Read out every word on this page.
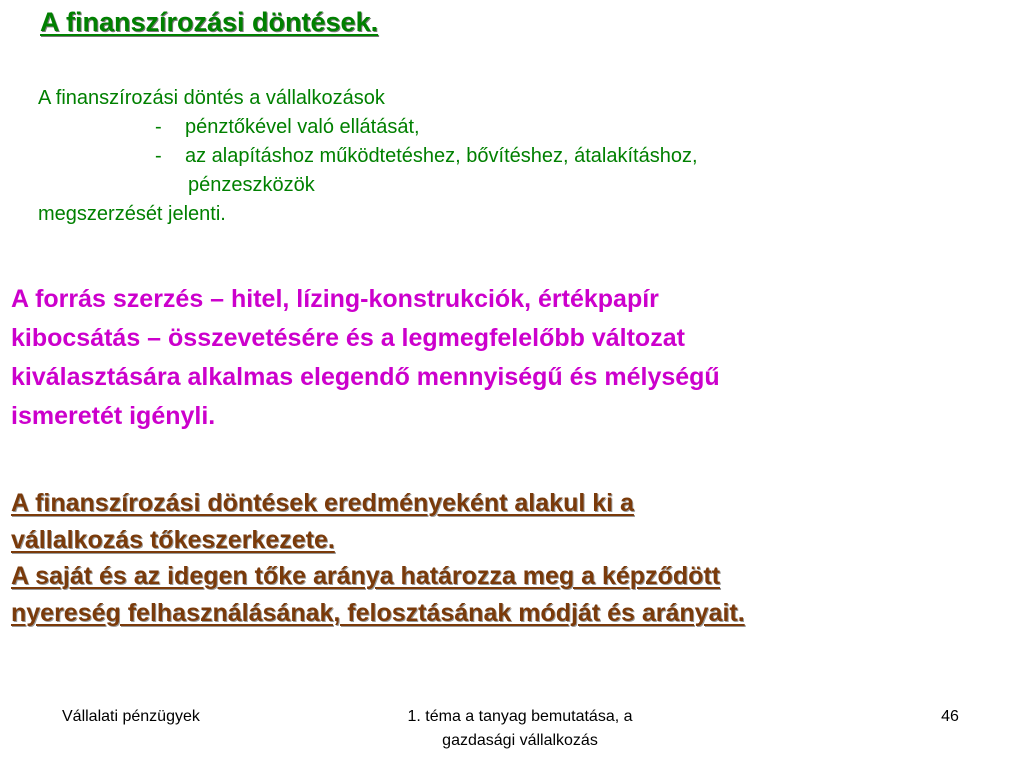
A finanszírozási döntések.
A finanszírozási döntés a vállalkozások
- pénztőkével való ellátását,
- az alapításhoz működtetéshez, bővítéshez, átalakításhoz,
pénzeszközök
megszerzését jelenti.
A forrás szerzés – hitel, lízing-konstrukciók, értékpapír
kibocsátás – összevetésére és a legmegfelelőbb változat
kiválasztására alkalmas elegendő mennyiségű és mélységű
ismeretét igényli.
A finanszírozási döntések eredményeként alakul ki a
vállalkozás tőkeszerkezete.
A saját és az idegen tőke aránya határozza meg a képződött
nyereség felhasználásának, felosztásának módját és arányait.
Vállalati pénzügyek	1. téma a tanyag bemutatása, a
gazdasági vállalkozás
46
